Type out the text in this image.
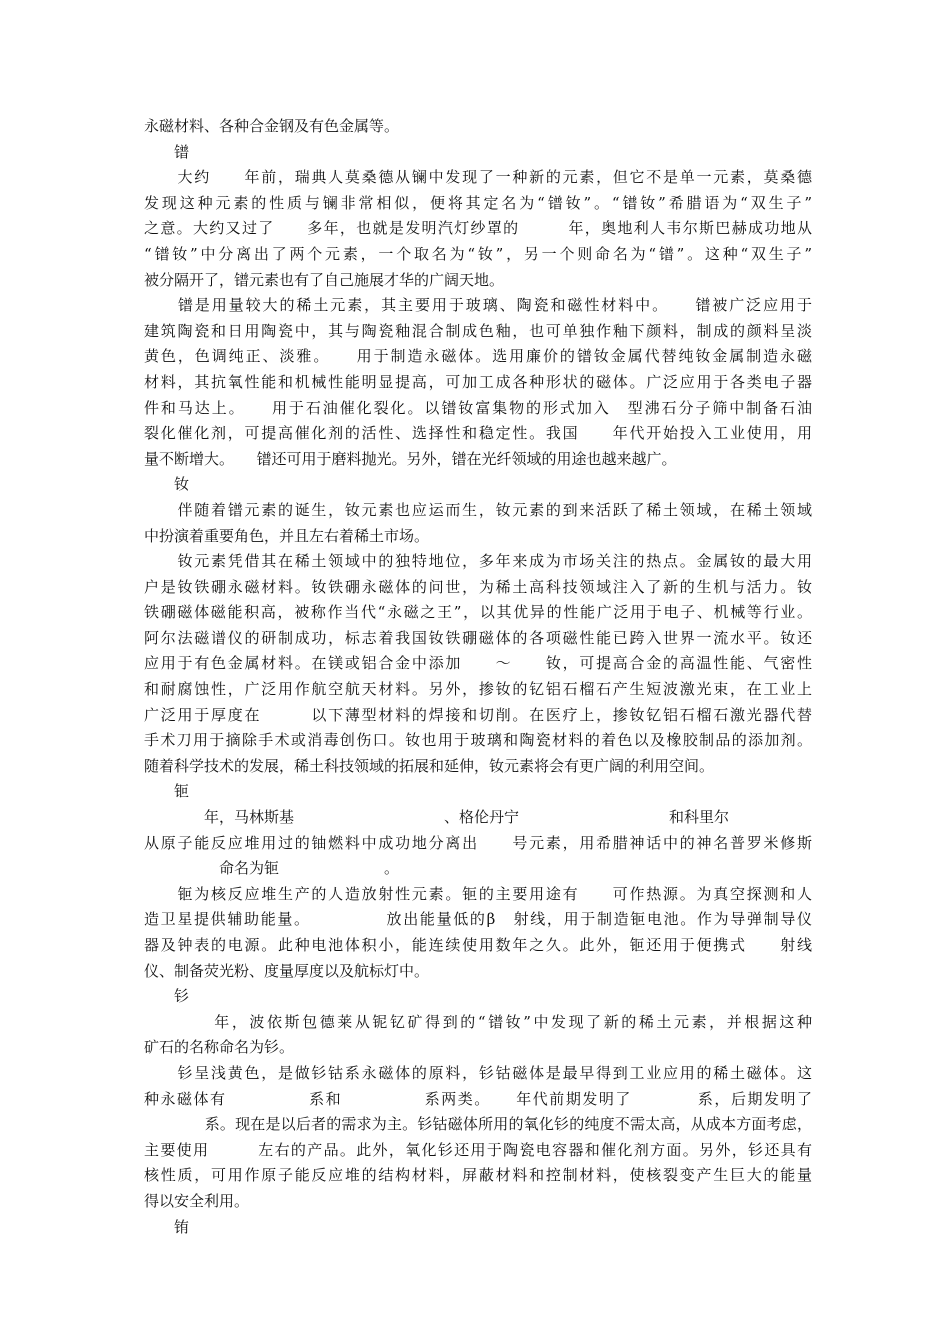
永磁材料、各种合金钢及有色金属等。
　　镨
　　大约　　年前，瑞典人莫桑德从镧中发现了一种新的元素，但它不是单一元素，莫桑德
发现这种元素的性质与镧非常相似，便将其定名为“镨钕”。“镨钕”希腊语为“双生子”
之意。大约又过了　　多年，也就是发明汽灯纱罩的　　　年，奥地利人韦尔斯巴赫成功地从
“镨钕”中分离出了两个元素，一个取名为“钕”，另一个则命名为“镨”。这种“双生子”
被分隔开了，镨元素也有了自己施展才华的广阔天地。
　　镨是用量较大的稀土元素，其主要用于玻璃、陶瓷和磁性材料中。　　镨被广泛应用于
建筑陶瓷和日用陶瓷中，其与陶瓷釉混合制成色釉，也可单独作釉下颜料，制成的颜料呈淡
黄色，色调纯正、淡雅。　　用于制造永磁体。选用廉价的镨钕金属代替纯钕金属制造永磁
材料，其抗氧性能和机械性能明显提高，可加工成各种形状的磁体。广泛应用于各类电子器
件和马达上。　　用于石油催化裂化。以镨钕富集物的形式加入　型沸石分子筛中制备石油
裂化催化剂，可提高催化剂的活性、选择性和稳定性。我国　　年代开始投入工业使用，用
量不断增大。　　镨还可用于磨料抛光。另外，镨在光纤领域的用途也越来越广。
　　钕
　　伴随着镨元素的诞生，钕元素也应运而生，钕元素的到来活跃了稀土领域，在稀土领域
中扮演着重要角色，并且左右着稀土市场。
　　钕元素凭借其在稀土领域中的独特地位，多年来成为市场关注的热点。金属钕的最大用
户是钕铁硼永磁材料。钕铁硼永磁体的问世，为稀土高科技领域注入了新的生机与活力。钕
铁硼磁体磁能积高，被称作当代“永磁之王”，以其优异的性能广泛用于电子、机械等行业。
阿尔法磁谱仪的研制成功，标志着我国钕铁硼磁体的各项磁性能已跨入世界一流水平。钕还
应用于有色金属材料。在镁或铝合金中添加　　～　　钕，可提高合金的高温性能、气密性
和耐腐蚀性，广泛用作航空航天材料。另外，掺钕的钇铝石榴石产生短波激光束，在工业上
广泛用于厚度在　　　以下薄型材料的焊接和切削。在医疗上，掺钕钇铝石榴石激光器代替
手术刀用于摘除手术或消毒创伤口。钕也用于玻璃和陶瓷材料的着色以及橡胶制品的添加剂。
随着科学技术的发展，稀土科技领域的拓展和延伸，钕元素将会有更广阔的利用空间。
　　钷
　　　　年，马林斯基　　　　　　　　　　、格伦丹宁　　　　　　　　　　和科里尔
从原子能反应堆用过的铀燃料中成功地分离出　　号元素，用希腊神话中的神名普罗米修斯
　　　　　命名为钷　　　　　　　。
　　钷为核反应堆生产的人造放射性元素。钷的主要用途有　　可作热源。为真空探测和人
造卫星提供辅助能量。　　　　　放出能量低的β　射线，用于制造钷电池。作为导弹制导仪
器及钟表的电源。此种电池体积小，能连续使用数年之久。此外，钷还用于便携式　　射线
仪、制备荧光粉、度量厚度以及航标灯中。
　　钐
　　　　年，波依斯包德莱从铌钇矿得到的“镨钕”中发现了新的稀土元素，并根据这种
矿石的名称命名为钐。
　　钐呈浅黄色，是做钐钴系永磁体的原料，钐钴磁体是最早得到工业应用的稀土磁体。这
种永磁体有　　　　　系和　　　　　系两类。　　年代前期发明了　　　　系，后期发明了
　　　　系。现在是以后者的需求为主。钐钴磁体所用的氧化钐的纯度不需太高，从成本方面考虑，
主要使用　　　左右的产品。此外，氧化钐还用于陶瓷电容器和催化剂方面。另外，钐还具有
核性质，可用作原子能反应堆的结构材料，屏蔽材料和控制材料，使核裂变产生巨大的能量
得以安全利用。
　　铕
